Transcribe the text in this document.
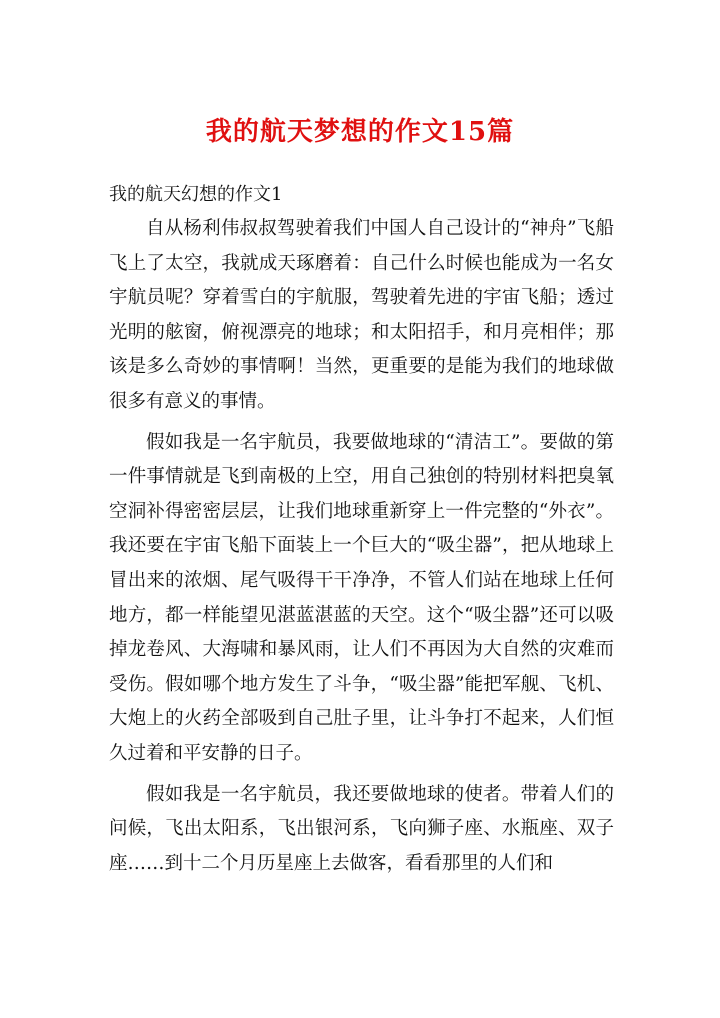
我的航天梦想的作文15篇
我的航天幻想的作文1

自从杨利伟叔叔驾驶着我们中国人自己设计的“神舟”飞船飞上了太空，我就成天琢磨着：自己什么时候也能成为一名女宇航员呢？穿着雪白的宇航服，驾驶着先进的宇宙飞船；透过光明的舷窗，俯视漂亮的地球；和太阳招手，和月亮相伴；那该是多么奇妙的事情啊！当然，更重要的是能为我们的地球做很多有意义的事情。

假如我是一名宇航员，我要做地球的“清洁工”。要做的第一件事情就是飞到南极的上空，用自己独创的特别材料把臭氧空洞补得密密层层，让我们地球重新穿上一件完整的“外衣”。我还要在宇宙飞船下面装上一个巨大的“吸尘器”，把从地球上冒出来的浓烟、尾气吸得干干净净，不管人们站在地球上任何地方，都一样能望见湛蓝湛蓝的天空。这个“吸尘器”还可以吸掉龙卷风、大海啸和暴风雨，让人们不再因为大自然的灾难而受伤。假如哪个地方发生了斗争，“吸尘器”能把军舰、飞机、大炮上的火药全部吸到自己肚子里，让斗争打不起来，人们恒久过着和平安静的日子。

假如我是一名宇航员，我还要做地球的使者。带着人们的问候，飞出太阳系，飞出银河系，飞向狮子座、水瓶座、双子座……到十二个月历星座上去做客，看看那里的人们和
